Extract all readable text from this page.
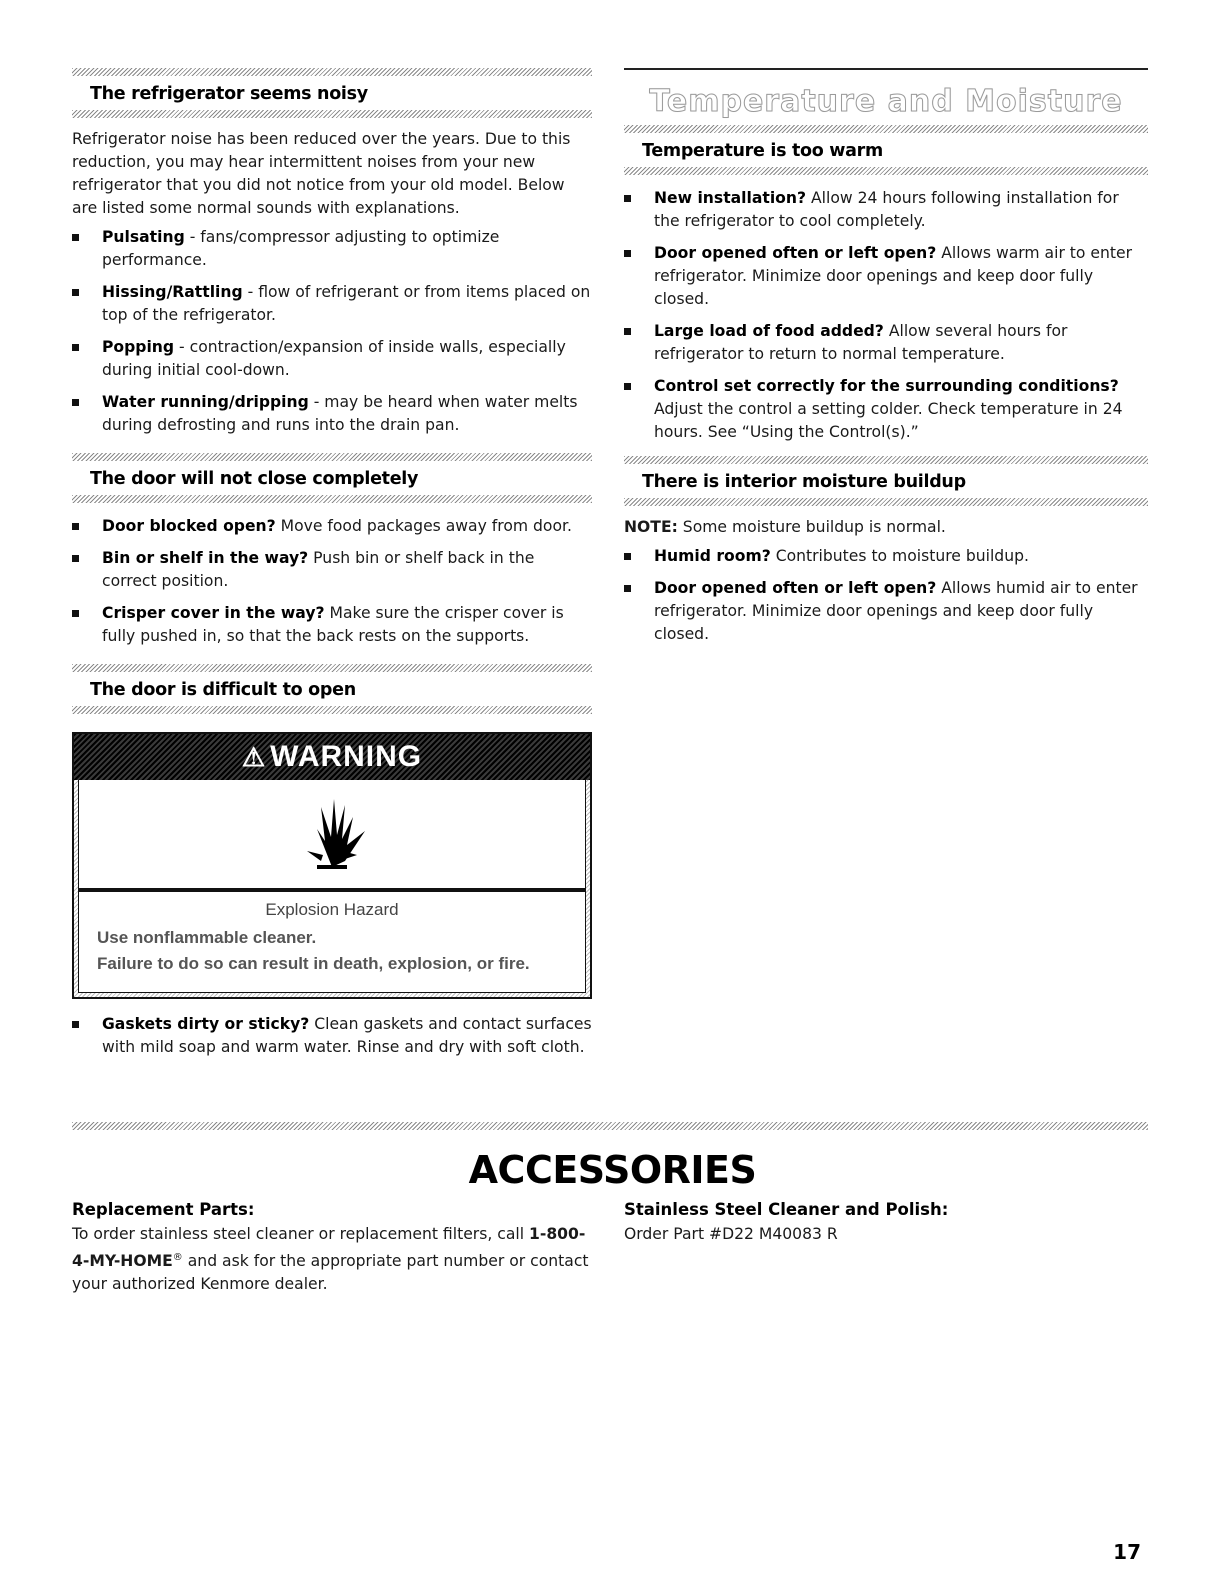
The refrigerator seems noisy

Refrigerator noise has been reduced over the years. Due to this reduction, you may hear intermittent noises from your new refrigerator that you did not notice from your old model. Below are listed some normal sounds with explanations.

Pulsating - fans/compressor adjusting to optimize performance.
Hissing/Rattling - flow of refrigerant or from items placed on top of the refrigerator.
Popping - contraction/expansion of inside walls, especially during initial cool-down.
Water running/dripping - may be heard when water melts during defrosting and runs into the drain pan.
The door will not close completely
Door blocked open? Move food packages away from door.
Bin or shelf in the way? Push bin or shelf back in the correct position.
Crisper cover in the way? Make sure the crisper cover is fully pushed in, so that the back rests on the supports.
The door is difficult to open
⚠ WARNING
Explosion Hazard
Use nonflammable cleaner.
Failure to do so can result in death, explosion, or fire.
Gaskets dirty or sticky? Clean gaskets and contact surfaces with mild soap and warm water. Rinse and dry with soft cloth.
Temperature and Moisture
Temperature is too warm
New installation? Allow 24 hours following installation for the refrigerator to cool completely.
Door opened often or left open? Allows warm air to enter refrigerator. Minimize door openings and keep door fully closed.
Large load of food added? Allow several hours for refrigerator to return to normal temperature.
Control set correctly for the surrounding conditions? Adjust the control a setting colder. Check temperature in 24 hours. See “Using the Control(s).”
There is interior moisture buildup

NOTE: Some moisture buildup is normal.

Humid room? Contributes to moisture buildup.
Door opened often or left open? Allows humid air to enter refrigerator. Minimize door openings and keep door fully closed.
ACCESSORIES
Replacement Parts:
To order stainless steel cleaner or replacement filters, call 1-800-4-MY-HOME® and ask for the appropriate part number or contact your authorized Kenmore dealer.
Stainless Steel Cleaner and Polish:
Order Part #D22 M40083 R
17
